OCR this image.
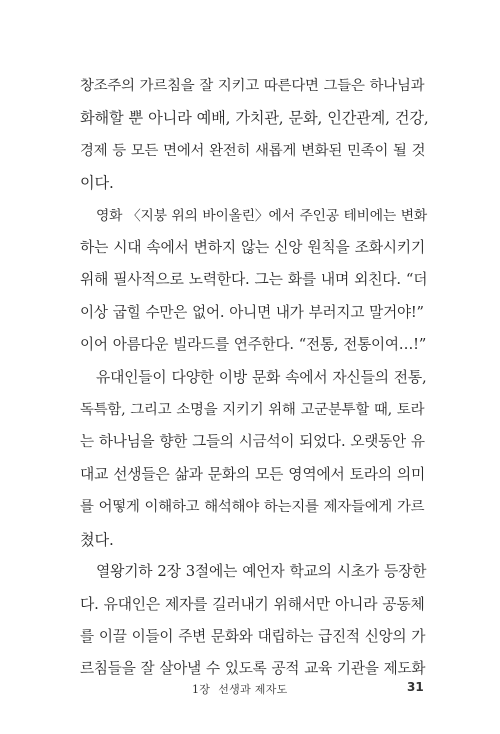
창조주의 가르침을 잘 지키고 따른다면 그들은 하나님과
화해할 뿐 아니라 예배, 가치관, 문화, 인간관계, 건강,
경제 등 모든 면에서 완전히 새롭게 변화된 민족이 될 것
이다.

영화 〈지붕 위의 바이올린〉에서 주인공 테비에는 변화
하는 시대 속에서 변하지 않는 신앙 원칙을 조화시키기
위해 필사적으로 노력한다. 그는 화를 내며 외친다. “더
이상 굽힐 수만은 없어. 아니면 내가 부러지고 말거야!”
이어 아름다운 빌라드를 연주한다. “전통, 전통이여…!”

유대인들이 다양한 이방 문화 속에서 자신들의 전통,
독특함, 그리고 소명을 지키기 위해 고군분투할 때, 토라
는 하나님을 향한 그들의 시금석이 되었다. 오랫동안 유
대교 선생들은 삶과 문화의 모든 영역에서 토라의 의미
를 어떻게 이해하고 해석해야 하는지를 제자들에게 가르
쳤다.

열왕기하 2장 3절에는 예언자 학교의 시초가 등장한
다. 유대인은 제자를 길러내기 위해서만 아니라 공동체
를 이끌 이들이 주변 문화와 대립하는 급진적 신앙의 가
르침들을 잘 살아낼 수 있도록 공적 교육 기관을 제도화

1장 선생과 제자도	31
